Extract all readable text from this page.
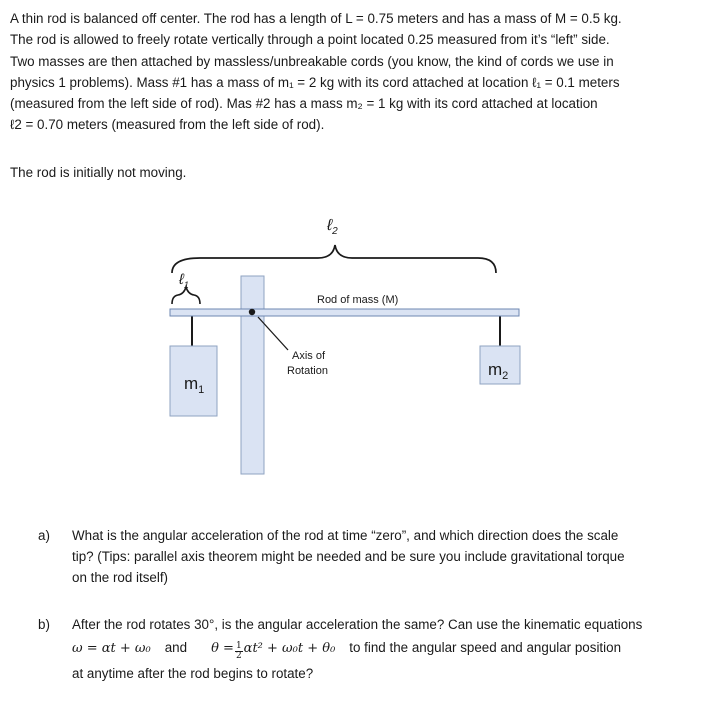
A thin rod is balanced off center. The rod has a length of L = 0.75 meters and has a mass of M = 0.5 kg.

The rod is allowed to freely rotate vertically through a point located 0.25 measured from it’s “left” side.

Two masses are then attached by massless/unbreakable cords (you know, the kind of cords we use in

physics 1 problems). Mass #1 has a mass of m₁ = 2 kg with its cord attached at location ℓ₁ = 0.1 meters

(measured from the left side of rod). Mas #2 has a mass m₂ = 1 kg with its cord attached at location

ℓ2 = 0.70 meters (measured from the left side of rod).

The rod is initially not moving.

ℓ$_2$
ℓ$_1$
Rod of mass (M)
Axis of
Rotation
$m_1$
$m_2$
a) What is the angular acceleration of the rod at time “zero”, and which direction does the scale
tip? (Tips: parallel axis theorem might be needed and be sure you include gravitational torque
on the rod itself)
b) After the rod rotates 30°, is the angular acceleration the same? Can use the kinematic equations
ω = αt + ω₀ and $\theta = \frac{1}{2} \alpha t^2 + \omega_0t + \theta_0$ to find the angular speed and angular position
at anytime after the rod begins to rotate?
